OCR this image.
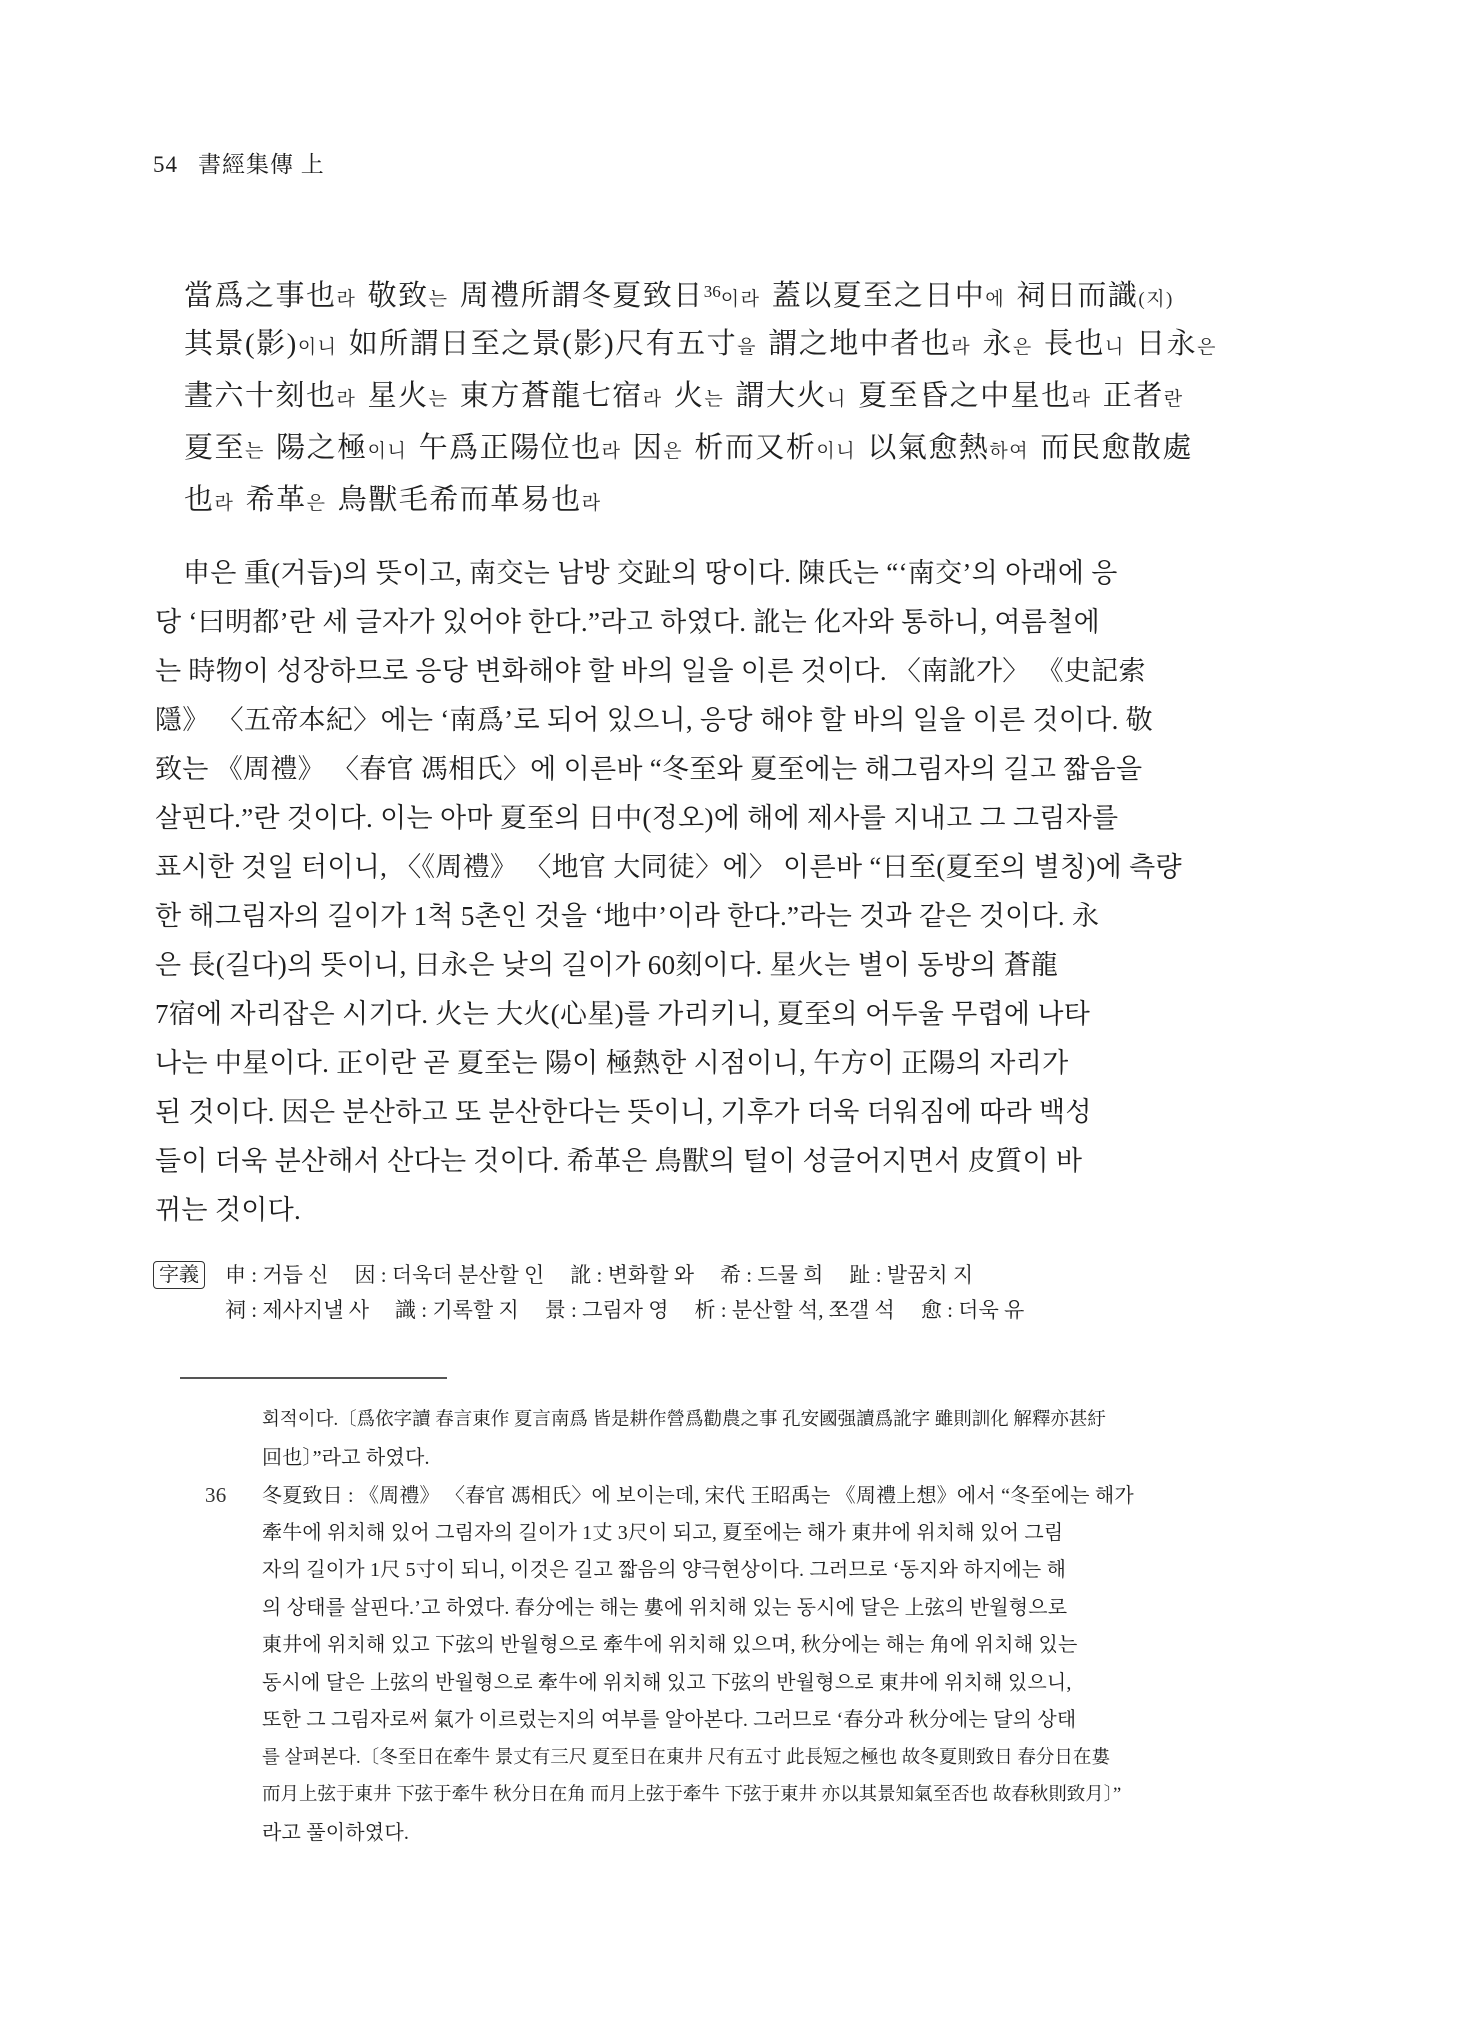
54 書經集傳 上
當爲之事也라 敬致는 周禮所謂冬夏致日$^{36}$이라 蓋以夏至之日中에 祠日而識(지)
其景(影)이니 如所謂日至之景(影)尺有五寸을 謂之地中者也라 永은 長也니 日永은
晝六十刻也라 星火는 東方蒼龍七宿라 火는 謂大火니 夏至昏之中星也라 正者란
夏至는 陽之極이니 午爲正陽位也라 因은 析而又析이니 以氣愈熱하여 而民愈散處
也라 希革은 鳥獸毛希而革易也라
申은 重(거듭)의 뜻이고, 南交는 남방 交趾의 땅이다. 陳氏는 “‘南交’의 아래에 응
당 ‘曰明都’란 세 글자가 있어야 한다.”라고 하였다. 訛는 化자와 통하니, 여름철에
는 時物이 성장하므로 응당 변화해야 할 바의 일을 이른 것이다. 〈南訛가〉 《史記索
隱》 〈五帝本紀〉에는 ‘南爲’로 되어 있으니, 응당 해야 할 바의 일을 이른 것이다. 敬
致는 《周禮》 〈春官 馮相氏〉에 이른바 “冬至와 夏至에는 해그림자의 길고 짧음을
살핀다.”란 것이다. 이는 아마 夏至의 日中(정오)에 해에 제사를 지내고 그 그림자를
표시한 것일 터이니, 〈《周禮》 〈地官 大同徒〉에〉 이른바 “日至(夏至의 별칭)에 측량
한 해그림자의 길이가 1척 5촌인 것을 ‘地中’이라 한다.”라는 것과 같은 것이다. 永
은 長(길다)의 뜻이니, 日永은 낮의 길이가 60刻이다. 星火는 별이 동방의 蒼龍
7宿에 자리잡은 시기다. 火는 大火(心星)를 가리키니, 夏至의 어두울 무렵에 나타
나는 中星이다. 正이란 곧 夏至는 陽이 極熱한 시점이니, 午方이 正陽의 자리가
된 것이다. 因은 분산하고 또 분산한다는 뜻이니, 기후가 더욱 더워짐에 따라 백성
들이 더욱 분산해서 산다는 것이다. 希革은 鳥獸의 털이 성글어지면서 皮質이 바
뀌는 것이다.
字義 申 : 거듭 신 因 : 더욱더 분산할 인 訛 : 변화할 와 希 : 드물 희 趾 : 발꿈치 지
祠 : 제사지낼 사 識 : 기록할 지 景 : 그림자 영 析 : 분산할 석, 쪼갤 석 愈 : 더욱 유
회적이다.〔爲依字讀 春言東作 夏言南爲 皆是耕作營爲勸農之事 孔安國强讀爲訛字 雖則訓化 解釋亦甚紆
回也〕”라고 하였다.
36 冬夏致日 : 《周禮》 〈春官 馮相氏〉에 보이는데, 宋代 王昭禹는 《周禮上想》에서 “冬至에는 해가
牽牛에 위치해 있어 그림자의 길이가 1丈 3尺이 되고, 夏至에는 해가 東井에 위치해 있어 그림
자의 길이가 1尺 5寸이 되니, 이것은 길고 짧음의 양극현상이다. 그러므로 ‘동지와 하지에는 해
의 상태를 살핀다.’고 하였다. 春分에는 해는 婁에 위치해 있는 동시에 달은 上弦의 반월형으로
東井에 위치해 있고 下弦의 반월형으로 牽牛에 위치해 있으며, 秋分에는 해는 角에 위치해 있는
동시에 달은 上弦의 반월형으로 牽牛에 위치해 있고 下弦의 반월형으로 東井에 위치해 있으니,
또한 그 그림자로써 氣가 이르렀는지의 여부를 알아본다. 그러므로 ‘春分과 秋分에는 달의 상태
를 살펴본다.〔冬至日在牽牛 景丈有三尺 夏至日在東井 尺有五寸 此長短之極也 故冬夏則致日 春分日在婁
而月上弦于東井 下弦于牽牛 秋分日在角 而月上弦于牽牛 下弦于東井 亦以其景知氣至否也 故春秋則致月〕”
라고 풀이하였다.
